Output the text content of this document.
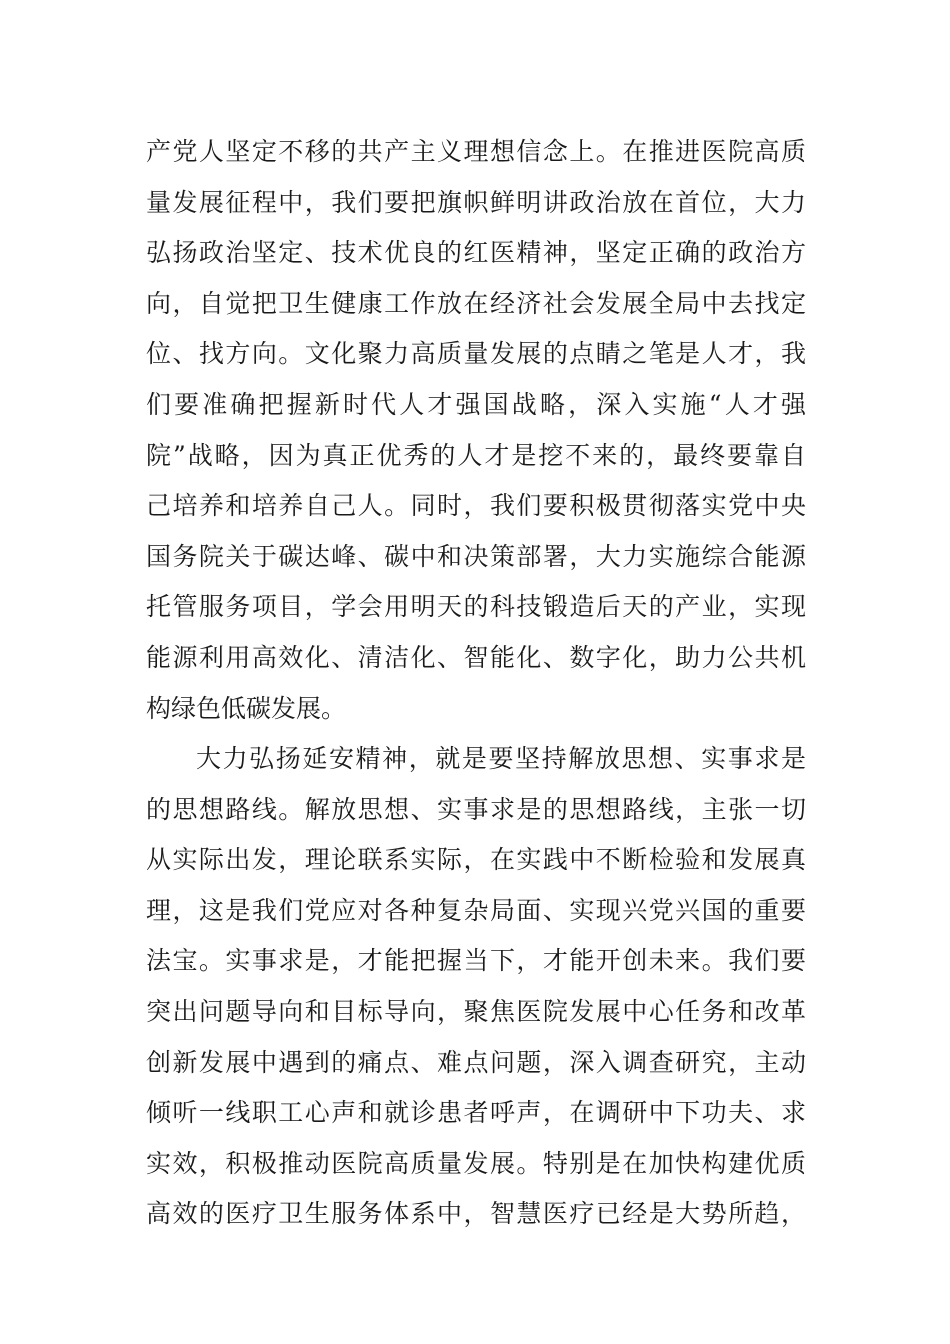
产党人坚定不移的共产主义理想信念上。在推进医院高质
量发展征程中，我们要把旗帜鲜明讲政治放在首位，大力
弘扬政治坚定、技术优良的红医精神，坚定正确的政治方
向，自觉把卫生健康工作放在经济社会发展全局中去找定
位、找方向。文化聚力高质量发展的点睛之笔是人才，我
们要准确把握新时代人才强国战略，深入实施“人才强
院”战略，因为真正优秀的人才是挖不来的，最终要靠自
己培养和培养自己人。同时，我们要积极贯彻落实党中央
国务院关于碳达峰、碳中和决策部署，大力实施综合能源
托管服务项目，学会用明天的科技锻造后天的产业，实现
能源利用高效化、清洁化、智能化、数字化，助力公共机
构绿色低碳发展。
大力弘扬延安精神，就是要坚持解放思想、实事求是
的思想路线。解放思想、实事求是的思想路线，主张一切
从实际出发，理论联系实际，在实践中不断检验和发展真
理，这是我们党应对各种复杂局面、实现兴党兴国的重要
法宝。实事求是，才能把握当下，才能开创未来。我们要
突出问题导向和目标导向，聚焦医院发展中心任务和改革
创新发展中遇到的痛点、难点问题，深入调查研究，主动
倾听一线职工心声和就诊患者呼声，在调研中下功夫、求
实效，积极推动医院高质量发展。特别是在加快构建优质
高效的医疗卫生服务体系中，智慧医疗已经是大势所趋，
